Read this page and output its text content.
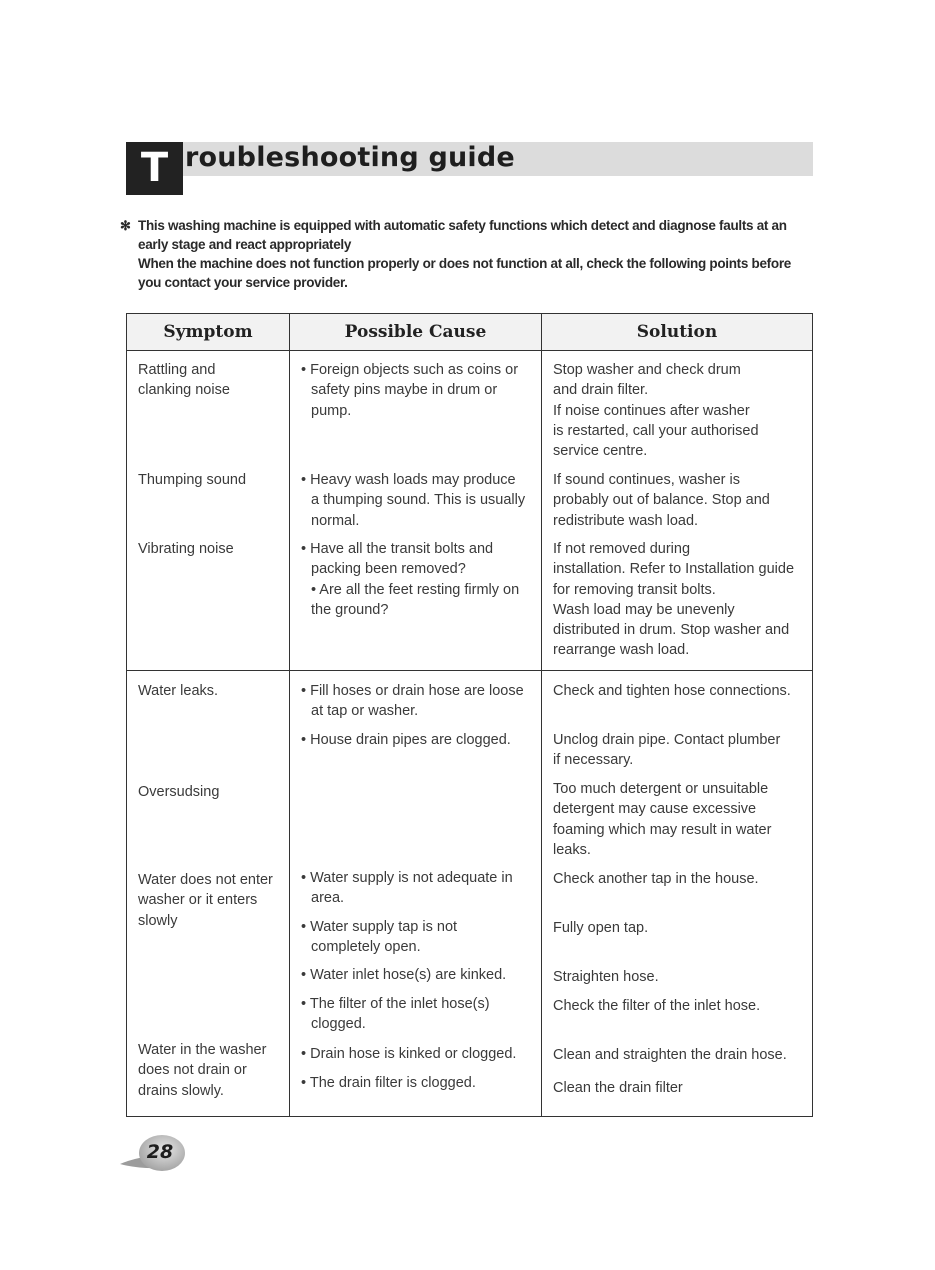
T roubleshooting guide
✻ This washing machine is equipped with automatic safety functions which detect and diagnose faults at an
early stage and react appropriately
When the machine does not function properly or does not function at all, check the following points before
you contact your service provider.
Symptom	Possible Cause	Solution

Rattling and
clanking noise

Thumping sound

Vibrating noise

Water leaks.

Oversudsing

Water does not enter
washer or it enters
slowly

Water in the washer
does not drain or
drains slowly.

• Foreign objects such as coins or
safety pins maybe in drum or
pump.

• Heavy wash loads may produce
a thumping sound. This is usually
normal.

• Have all the transit bolts and
packing been removed?
• Are all the feet resting firmly on
the ground?

• Fill hoses or drain hose are loose
at tap or washer.

• House drain pipes are clogged.

• Water supply is not adequate in
area.

• Water supply tap is not
completely open.

• Water inlet hose(s) are kinked.

• The filter of the inlet hose(s)
clogged.

• Drain hose is kinked or clogged.

• The drain filter is clogged.

Stop washer and check drum
and drain filter.
If noise continues after washer
is restarted, call your authorised
service centre.

If sound continues, washer is
probably out of balance. Stop and
redistribute wash load.

If not removed during
installation. Refer to Installation guide
for removing transit bolts.
Wash load may be unevenly
distributed in drum. Stop washer and
rearrange wash load.

Check and tighten hose connections.

Unclog drain pipe. Contact plumber
if necessary.

Too much detergent or unsuitable
detergent may cause excessive
foaming which may result in water
leaks.

Check another tap in the house.

Fully open tap.

Straighten hose.

Check the filter of the inlet hose.

Clean and straighten the drain hose.

Clean the drain filter

28
